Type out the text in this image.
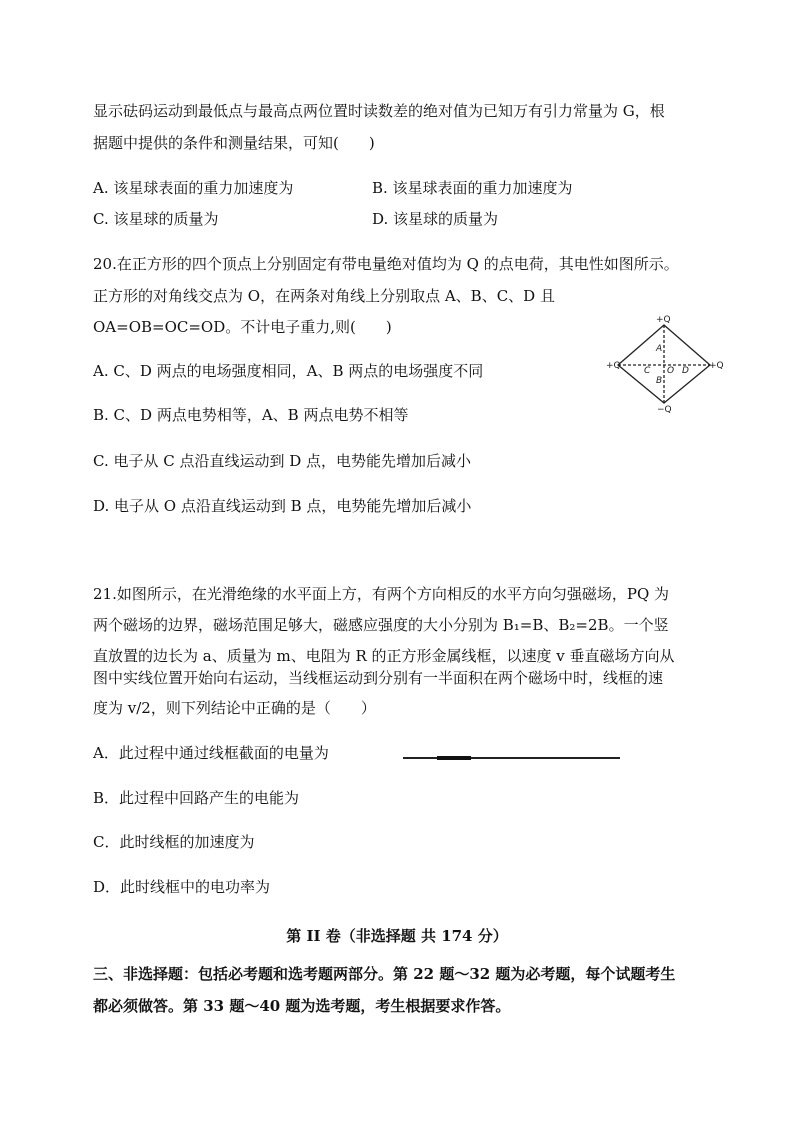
显示砝码运动到最低点与最高点两位置时读数差的绝对值为已知万有引力常量为 G，根
据题中提供的条件和测量结果，可知(　　)
A. 该星球表面的重力加速度为	B. 该星球表面的重力加速度为
C. 该星球的质量为	D. 该星球的质量为
20.在正方形的四个顶点上分别固定有带电量绝对值均为 Q 的点电荷，其电性如图所示。
正方形的对角线交点为 O，在两条对角线上分别取点 A、B、C、D 且
OA=OB=OC=OD。不计电子重力,则(　　)
A. C、D 两点的电场强度相同，A、B 两点的电场强度不同
B. C、D 两点电势相等，A、B 两点电势不相等
C. 电子从 C 点沿直线运动到 D 点，电势能先增加后减小
D. 电子从 O 点沿直线运动到 B 点，电势能先增加后减小
+Q
+Q	+Q
−Q
A
B
C O D
21.如图所示，在光滑绝缘的水平面上方，有两个方向相反的水平方向匀强磁场，PQ 为
两个磁场的边界，磁场范围足够大，磁感应强度的大小分别为 B₁=B、B₂=2B。一个竖
直放置的边长为 a、质量为 m、电阻为 R 的正方形金属线框，以速度 v 垂直磁场方向从
图中实线位置开始向右运动，当线框运动到分别有一半面积在两个磁场中时，线框的速
度为 v/2，则下列结论中正确的是（　　）
A．此过程中通过线框截面的电量为
B．此过程中回路产生的电能为
C．此时线框的加速度为
D．此时线框中的电功率为
第 II 卷（非选择题 共 174 分）
三、非选择题：包括必考题和选考题两部分。第 22 题～32 题为必考题，每个试题考生
都必须做答。第 33 题～40 题为选考题，考生根据要求作答。
